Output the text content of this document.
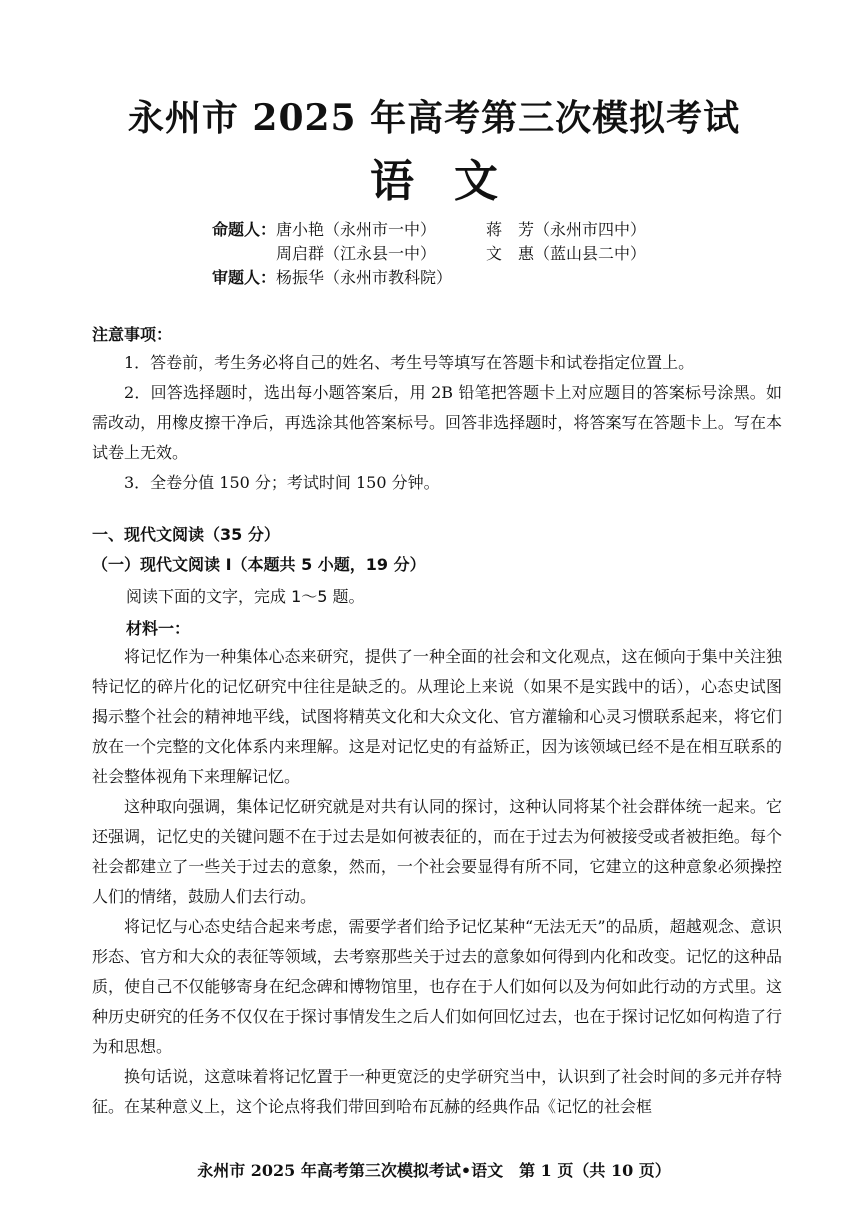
永州市 2025 年高考第三次模拟考试
语文
命题人：唐小艳（永州市一中）	蒋　芳（永州市四中）
周启群（江永县一中）	文　惠（蓝山县二中）
审题人：杨振华（永州市教科院）
注意事项：

1．答卷前，考生务必将自己的姓名、考生号等填写在答题卡和试卷指定位置上。

2．回答选择题时，选出每小题答案后，用 2B 铅笔把答题卡上对应题目的答案标号涂黑。如需改动，用橡皮擦干净后，再选涂其他答案标号。回答非选择题时，将答案写在答题卡上。写在本试卷上无效。

3．全卷分值 150 分；考试时间 150 分钟。

一、现代文阅读（35 分）
（一）现代文阅读 I（本题共 5 小题，19 分）
阅读下面的文字，完成 1～5 题。
材料一：

将记忆作为一种集体心态来研究，提供了一种全面的社会和文化观点，这在倾向于集中关注独特记忆的碎片化的记忆研究中往往是缺乏的。从理论上来说（如果不是实践中的话），心态史试图揭示整个社会的精神地平线，试图将精英文化和大众文化、官方灌输和心灵习惯联系起来，将它们放在一个完整的文化体系内来理解。这是对记忆史的有益矫正，因为该领域已经不是在相互联系的社会整体视角下来理解记忆。

这种取向强调，集体记忆研究就是对共有认同的探讨，这种认同将某个社会群体统一起来。它还强调，记忆史的关键问题不在于过去是如何被表征的，而在于过去为何被接受或者被拒绝。每个社会都建立了一些关于过去的意象，然而，一个社会要显得有所不同，它建立的这种意象必须操控人们的情绪，鼓励人们去行动。

将记忆与心态史结合起来考虑，需要学者们给予记忆某种“无法无天”的品质，超越观念、意识形态、官方和大众的表征等领域，去考察那些关于过去的意象如何得到内化和改变。记忆的这种品质，使自己不仅能够寄身在纪念碑和博物馆里，也存在于人们如何以及为何如此行动的方式里。这种历史研究的任务不仅仅在于探讨事情发生之后人们如何回忆过去，也在于探讨记忆如何构造了行为和思想。

换句话说，这意味着将记忆置于一种更宽泛的史学研究当中，认识到了社会时间的多元并存特征。在某种意义上，这个论点将我们带回到哈布瓦赫的经典作品《记忆的社会框

永州市 2025 年高考第三次模拟考试•语文　第 1 页（共 10 页）
